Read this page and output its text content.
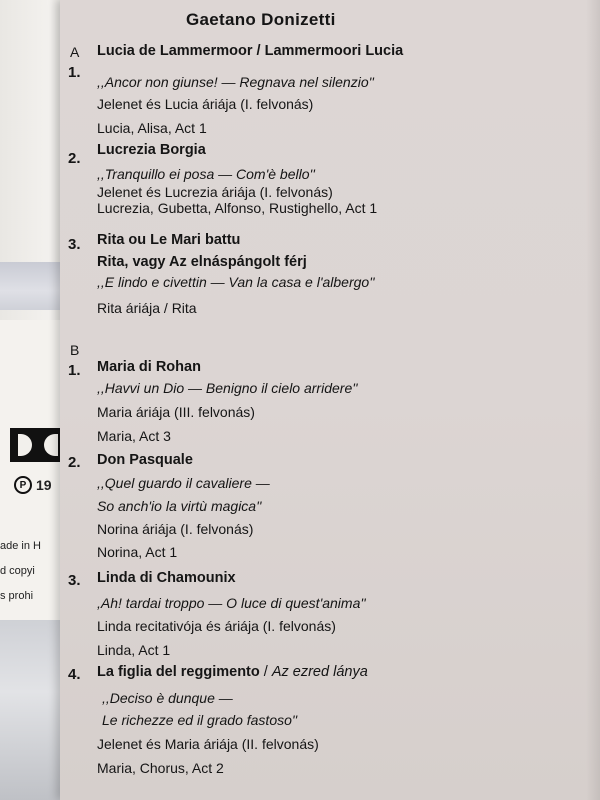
P 19
ade in H
d copyi
s prohi
Gaetano Donizetti
A
1.
Lucia de Lammermoor / Lammermoori Lucia
,,Ancor non giunse! — Regnava nel silenzio''
Jelenet és Lucia áriája (I. felvonás)
Lucia, Alisa, Act 1
2. Lucrezia Borgia
,,Tranquillo ei posa — Com'è bello''
Jelenet és Lucrezia áriája (I. felvonás)
Lucrezia, Gubetta, Alfonso, Rustighello, Act 1
3. Rita ou Le Mari battu
Rita, vagy Az elnáspángolt férj
,,E lindo e civettin — Van la casa e l'albergo''
Rita áriája / Rita
B
1. Maria di Rohan
,,Havvi un Dio — Benigno il cielo arridere''
Maria áriája (III. felvonás)
Maria, Act 3
2. Don Pasquale
,,Quel guardo il cavaliere —
So anch'io la virtù magica''
Norina áriája (I. felvonás)
Norina, Act 1
3. Linda di Chamounix
,Ah! tardai troppo — O luce di quest'anima''
Linda recitativója és áriája (I. felvonás)
Linda, Act 1
4. La figlia del reggimento / Az ezred lánya
,,Deciso è dunque —
Le richezze ed il grado fastoso''
Jelenet és Maria áriája (II. felvonás)
Maria, Chorus, Act 2
